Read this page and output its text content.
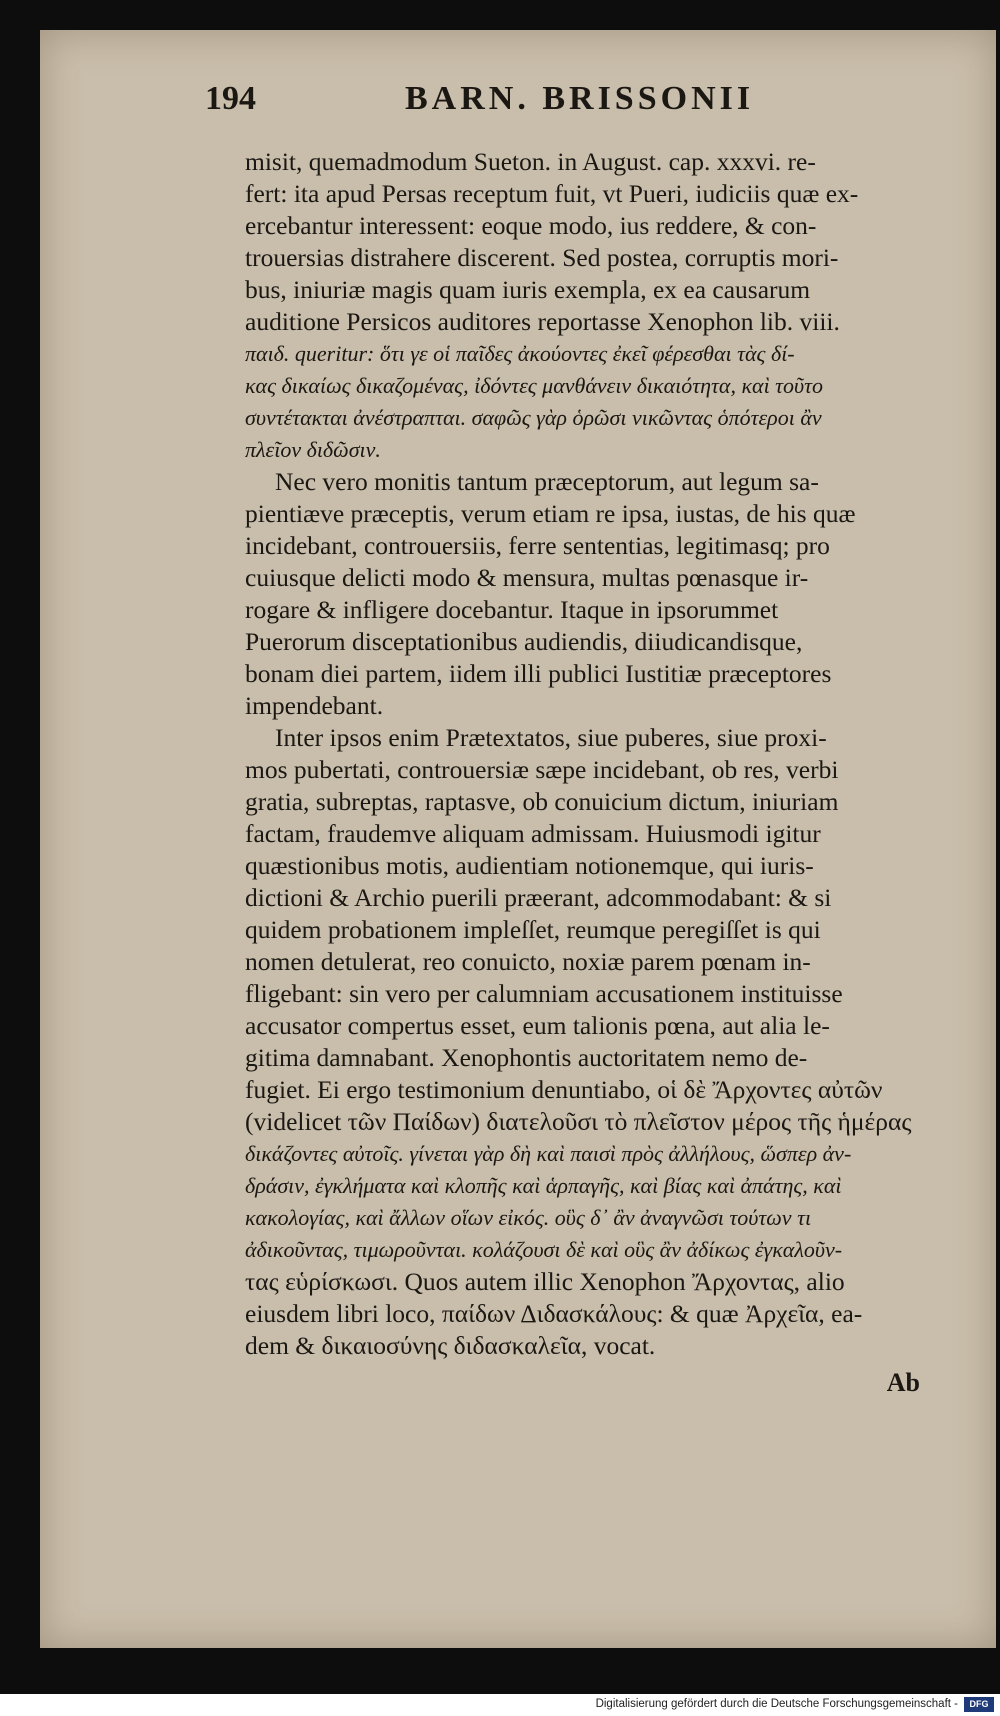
194	BARN. BRISSONII
misit, quemadmodum Sueton. in August. cap. xxxvi. re-
fert: ita apud Persas receptum fuit, vt Pueri, iudiciis quæ ex-
ercebantur interessent: eoque modo, ius reddere, & con-
trouersias distrahere discerent. Sed postea, corruptis mori-
bus, iniuriæ magis quam iuris exempla, ex ea causarum
auditione Persicos auditores reportasse Xenophon lib. viii.
παιδ. queritur: ὅτι γε οἱ παῖδες ἀκούοντες ἐκεῖ φέρεσθαι τὰς δί-
κας δικαίως δικαζομένας, ἰδόντες μανθάνειν δικαιότητα, καὶ τοῦτο
συντέτακται ἀνέστραπται. σαφῶς γὰρ ὁρῶσι νικῶντας ὁπότεροι ἂν
πλεῖον διδῶσιν.
Nec vero monitis tantum præceptorum, aut legum sa-
pientiæve præceptis, verum etiam re ipsa, iustas, de his quæ
incidebant, controuersiis, ferre sententias, legitimasq; pro
cuiusque delicti modo & mensura, multas pœnasque ir-
rogare & infligere docebantur. Itaque in ipsorummet
Puerorum disceptationibus audiendis, diiudicandisque,
bonam diei partem, iidem illi publici Iustitiæ præceptores
impendebant.
Inter ipsos enim Prætextatos, siue puberes, siue proxi-
mos pubertati, controuersiæ sæpe incidebant, ob res, verbi
gratia, subreptas, raptasve, ob conuicium dictum, iniuriam
factam, fraudemve aliquam admissam. Huiusmodi igitur
quæstionibus motis, audientiam notionemque, qui iuris-
dictioni & Archio puerili præerant, adcommodabant: & si
quidem probationem impleſſet, reumque peregiſſet is qui
nomen detulerat, reo conuicto, noxiæ parem pœnam in-
fligebant: sin vero per calumniam accusationem instituisse
accusator compertus esset, eum talionis pœna, aut alia le-
gitima damnabant. Xenophontis auctoritatem nemo de-
fugiet. Ei ergo testimonium denuntiabo, οἱ δὲ Ἄρχοντες αὐτῶν
(videlicet τῶν Παίδων) διατελοῦσι τὸ πλεῖστον μέρος τῆς ἡμέρας
δικάζοντες αὐτοῖς. γίνεται γὰρ δὴ καὶ παισὶ πρὸς ἀλλήλους, ὥσπερ ἀν-
δράσιν, ἐγκλήματα καὶ κλοπῆς καὶ ἁρπαγῆς, καὶ βίας καὶ ἀπάτης, καὶ
κακολογίας, καὶ ἄλλων οἵων εἰκός. οὓς δ᾽ ἂν ἀναγνῶσι τούτων τι
ἀδικοῦντας, τιμωροῦνται. κολάζουσι δὲ καὶ οὓς ἂν ἀδίκως ἐγκαλοῦν-
τας εὑρίσκωσι. Quos autem illic Xenophon Ἄρχοντας, alio
eiusdem libri loco, παίδων Διδασκάλους: & quæ Ἀρχεῖα, ea-
dem & δικαιοσύνης διδασκαλεῖα, vocat.
Ab
Digitalisierung gefördert durch die Deutsche Forschungsgemeinschaft -	DFG
